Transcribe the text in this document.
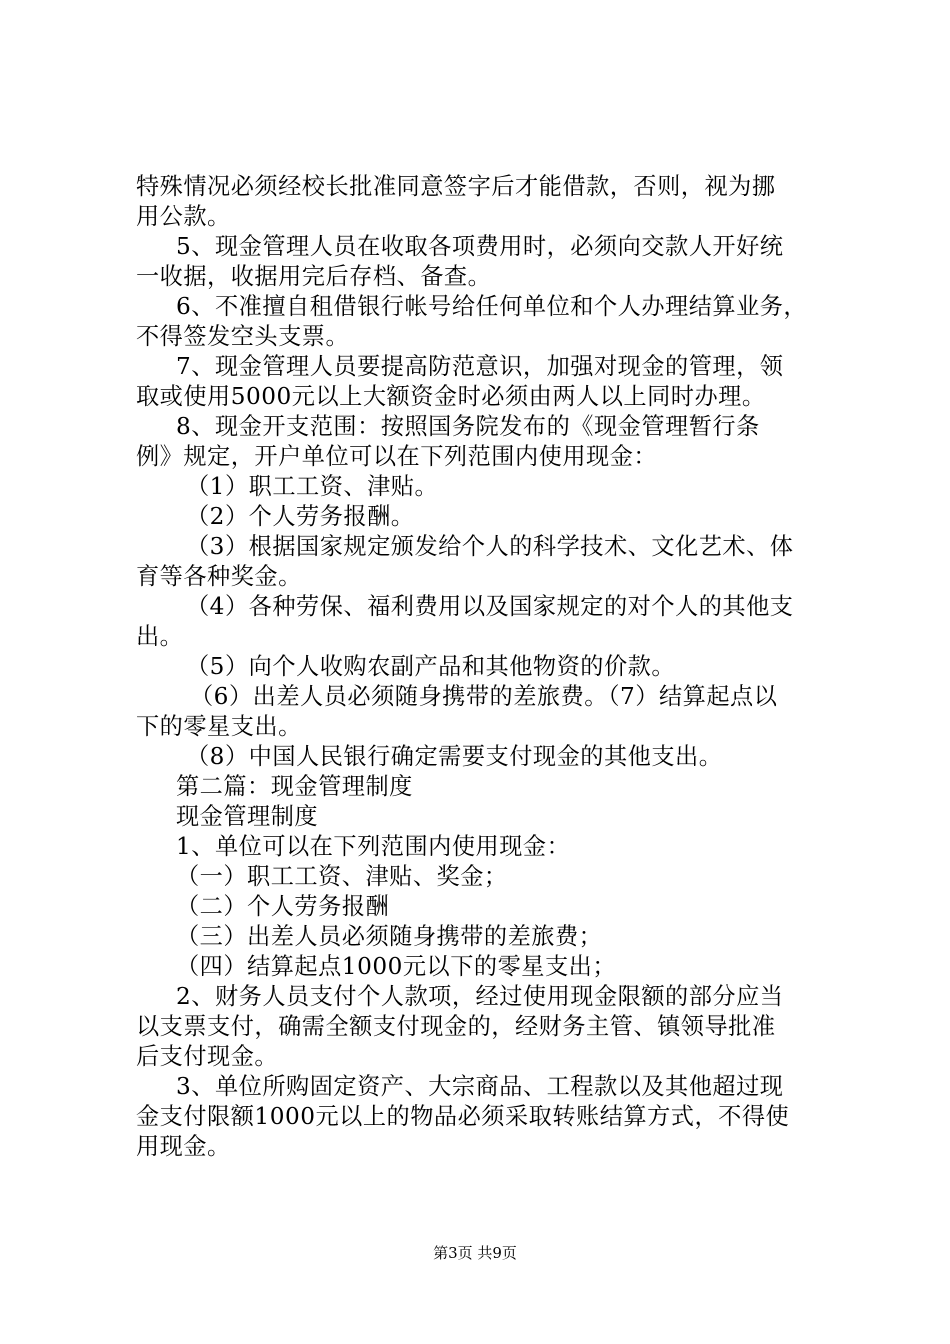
特殊情况必须经校长批准同意签字后才能借款，否则，视为挪
用公款。
5、现金管理人员在收取各项费用时，必须向交款人开好统
一收据，收据用完后存档、备查。
6、不准擅自租借银行帐号给任何单位和个人办理结算业务，
不得签发空头支票。
7、现金管理人员要提高防范意识，加强对现金的管理，领
取或使用5000元以上大额资金时必须由两人以上同时办理。
8、现金开支范围：按照国务院发布的《现金管理暂行条
例》规定，开户单位可以在下列范围内使用现金：
（1）职工工资、津贴。
（2）个人劳务报酬。
（3）根据国家规定颁发给个人的科学技术、文化艺术、体
育等各种奖金。
（4）各种劳保、福利费用以及国家规定的对个人的其他支
出。
（5）向个人收购农副产品和其他物资的价款。
（6）出差人员必须随身携带的差旅费。（7）结算起点以
下的零星支出。
（8）中国人民银行确定需要支付现金的其他支出。
第二篇：现金管理制度
现金管理制度
1、单位可以在下列范围内使用现金：
（一）职工工资、津贴、奖金；
（二）个人劳务报酬
（三）出差人员必须随身携带的差旅费；
（四）结算起点1000元以下的零星支出；
2、财务人员支付个人款项，经过使用现金限额的部分应当
以支票支付，确需全额支付现金的，经财务主管、镇领导批准
后支付现金。
3、单位所购固定资产、大宗商品、工程款以及其他超过现
金支付限额1000元以上的物品必须采取转账结算方式，不得使
用现金。
第3页 共9页
